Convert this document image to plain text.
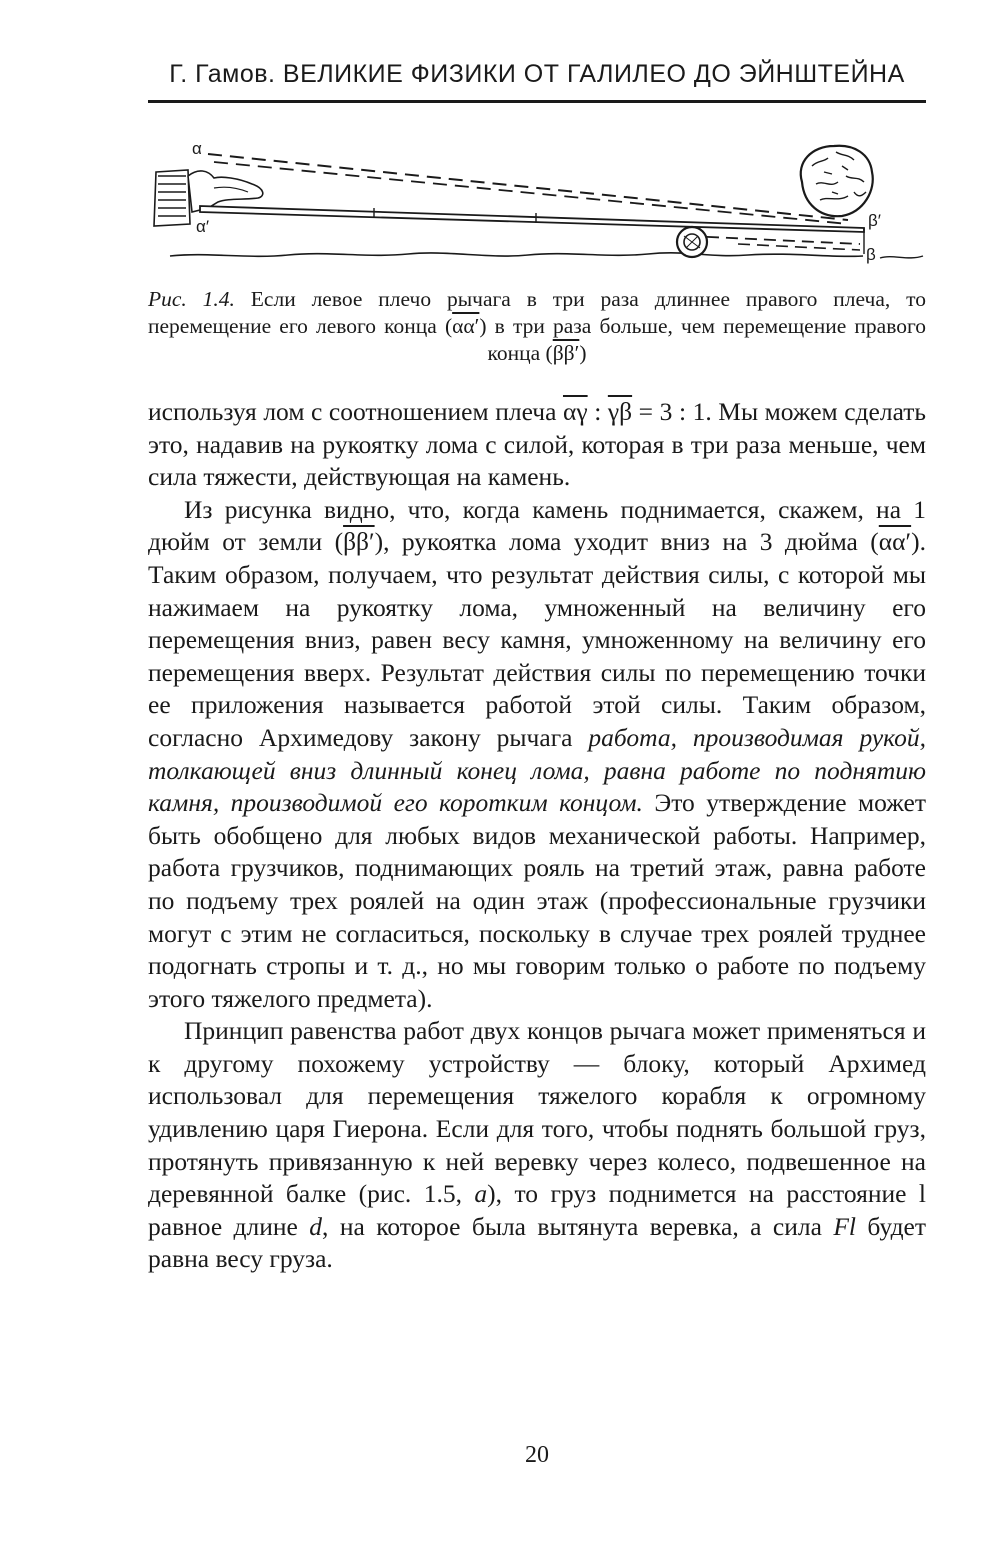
Г. Гамов. ВЕЛИКИЕ ФИЗИКИ ОТ ГАЛИЛЕО ДО ЭЙНШТЕЙНА
α
α′	β′
β
Рис. 1.4. Если левое плечо рычага в три раза длиннее правого плеча, то перемещение его левого конца (αα′) в три раза больше, чем перемещение правого конца (ββ′)

используя лом с соотношением плеча $\overline{\alpha\gamma}$ : $\overline{\gamma\beta} = 3$ : 1. Мы можем сделать это, надавив на рукоятку лома с силой, которая в три раза меньше, чем сила тяжести, действующая на камень.

Из рисунка видно, что, когда камень поднимается, скажем, на 1 дюйм от земли (ββ′), рукоятка лома уходит вниз на 3 дюйма (αα′). Таким образом, получаем, что результат действия силы, с которой мы нажимаем на рукоятку лома, умноженный на величину его перемещения вниз, равен весу камня, умноженному на величину его перемещения вверх. Результат действия силы по перемещению точки ее приложения называется работой этой силы. Таким образом, согласно Архимедову закону рычага работа, производимая рукой, толкающей вниз длинный конец лома, равна работе по поднятию камня, производимой его коротким концом. Это утверждение может быть обобщено для любых видов механической работы. Например, работа грузчиков, поднимающих рояль на третий этаж, равна работе по подъему трех роялей на один этаж (профессиональные грузчики могут с этим не согласиться, поскольку в случае трех роялей труднее подогнать стропы и т. д., но мы говорим только о работе по подъему этого тяжелого предмета).

Принцип равенства работ двух концов рычага может применяться и к другому похожему устройству — блоку, который Архимед использовал для перемещения тяжелого корабля к огромному удивлению царя Гиерона. Если для того, чтобы поднять большой груз, протянуть привязанную к ней веревку через колесо, подвешенное на деревянной балке (рис. 1.5, а), то груз поднимется на расстояние l равное длине d, на которое была вытянута веревка, а сила Fl будет равна весу груза.

20
